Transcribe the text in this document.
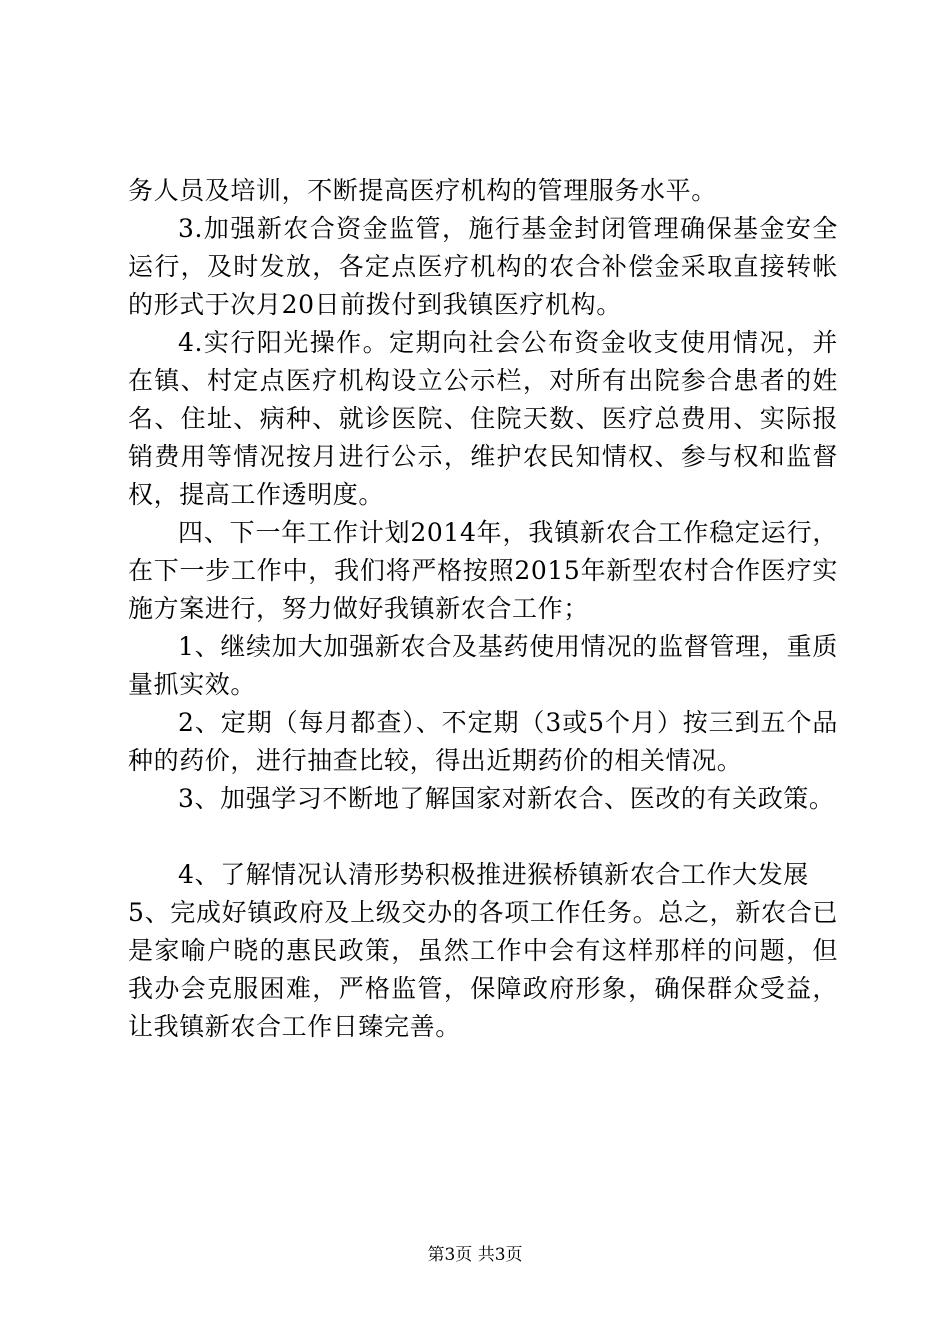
务人员及培训，不断提高医疗机构的管理服务水平。

3.加强新农合资金监管，施行基金封闭管理确保基金安全运行，及时发放，各定点医疗机构的农合补偿金采取直接转帐的形式于次月20日前拨付到我镇医疗机构。

4.实行阳光操作。定期向社会公布资金收支使用情况，并在镇、村定点医疗机构设立公示栏，对所有出院参合患者的姓名、住址、病种、就诊医院、住院天数、医疗总费用、实际报销费用等情况按月进行公示，维护农民知情权、参与权和监督权，提高工作透明度。

四、下一年工作计划2014年，我镇新农合工作稳定运行，在下一步工作中，我们将严格按照2015年新型农村合作医疗实施方案进行，努力做好我镇新农合工作；

1、继续加大加强新农合及基药使用情况的监督管理，重质量抓实效。

2、定期（每月都查）、不定期（3或5个月）按三到五个品种的药价，进行抽查比较，得出近期药价的相关情况。

3、加强学习不断地了解国家对新农合、医改的有关政策。

4、了解情况认清形势积极推进猴桥镇新农合工作大发展

5、完成好镇政府及上级交办的各项工作任务。总之，新农合已是家喻户晓的惠民政策，虽然工作中会有这样那样的问题，但我办会克服困难，严格监管，保障政府形象，确保群众受益，让我镇新农合工作日臻完善。

第3页 共3页
